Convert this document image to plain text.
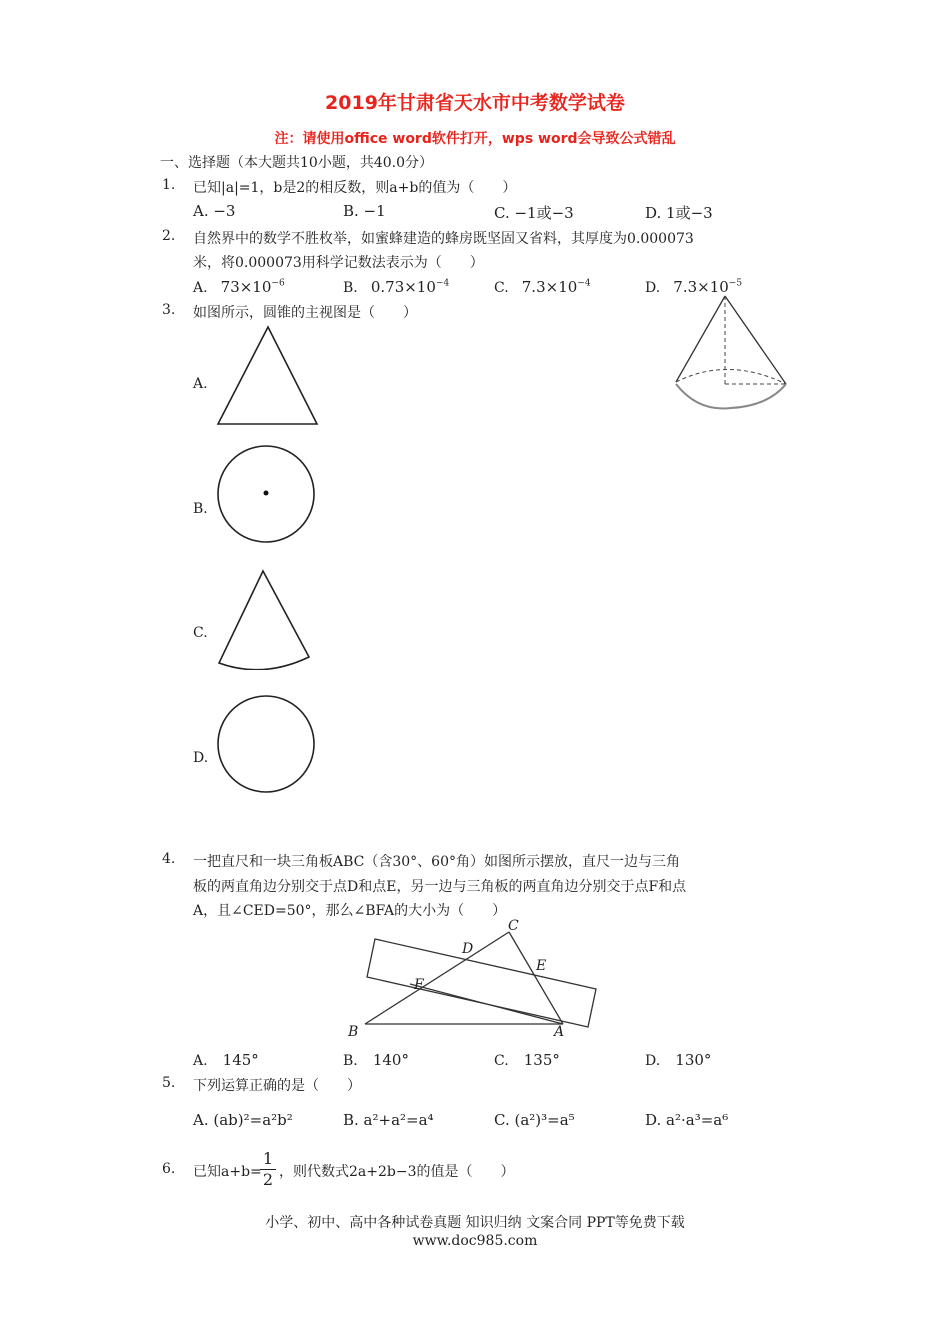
2019年甘肃省天水市中考数学试卷
注：请使用office word软件打开，wps word会导致公式错乱
一、选择题（本大题共10小题，共40.0分）
1. 已知|a|=1，b是2的相反数，则a+b的值为（　　）
A. −3	B. −1	C. −1或−3	D. 1或−3
2. 自然界中的数学不胜枚举，如蜜蜂建造的蜂房既坚固又省料，其厚度为0.000073
米，将0.000073用科学记数法表示为（　　）
A. $73\times 10^{-6}$	B. $0.73\times 10^{-4}$	C. $7.3\times 10^{-4}$	D. $7.3\times 10^{-5}$
3. 如图所示，圆锥的主视图是（　　）
A.
B.
C.
D.
4. 一把直尺和一块三角板ABC（含30°、60°角）如图所示摆放，直尺一边与三角
板的两直角边分别交于点D和点E，另一边与三角板的两直角边分别交于点F和点
A，且∠CED=50°，那么∠BFA的大小为（　　）
C
D
E
F
B	A
A. 145°	B. 140°	C. 135°	D. 130°
5. 下列运算正确的是（　　）
A. (ab)²=a²b²	B. a²+a²=a⁴	C. (a²)³=a⁵	D. a²·a³=a⁶
6. 已知a+b=
1
2 ，则代数式2a+2b−3的值是（　　）
小学、初中、高中各种试卷真题 知识归纳 文案合同 PPT等免费下载
www.doc985.com
